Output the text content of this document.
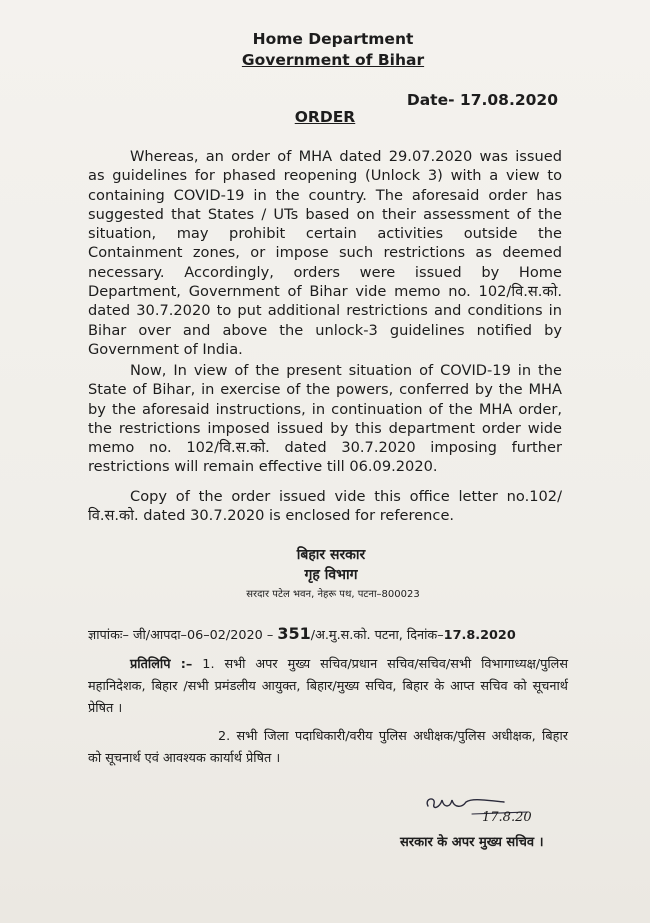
Home Department
Government of Bihar
Date- 17.08.2020
ORDER
Whereas, an order of MHA dated 29.07.2020 was issued as guidelines for phased reopening (Unlock 3) with a view to containing COVID-19 in the country. The aforesaid order has suggested that States / UTs based on their assessment of the situation, may prohibit certain activities outside the Containment zones, or impose such restrictions as deemed necessary. Accordingly, orders were issued by Home Department, Government of Bihar vide memo no. 102/वि.स.को. dated 30.7.2020 to put additional restrictions and conditions in Bihar over and above the unlock-3 guidelines notified by Government of India.
Now, In view of the present situation of COVID-19 in the State of Bihar, in exercise of the powers, conferred by the MHA by the aforesaid instructions, in continuation of the MHA order, the restrictions imposed issued by this department order wide memo no. 102/वि.स.को. dated 30.7.2020 imposing further restrictions will remain effective till 06.09.2020.
Copy of the order issued vide this office letter no.102/वि.स.को. dated 30.7.2020 is enclosed for reference.
बिहार सरकार
गृह विभाग
सरदार पटेल भवन, नेहरू पथ, पटना–800023
ज्ञापांकः– जी/आपदा–06–02/2020 – 351/अ.मु.स.को. पटना, दिनांक–17.8.2020
प्रतिलिपि :– 1. सभी अपर मुख्य सचिव/प्रधान सचिव/सचिव/सभी विभागाध्यक्ष/पुलिस महानिदेशक, बिहार /सभी प्रमंडलीय आयुक्त, बिहार/मुख्य सचिव, बिहार के आप्त सचिव को सूचनार्थ प्रेषित ।
2. सभी जिला पदाधिकारी/वरीय पुलिस अधीक्षक/पुलिस अधीक्षक, बिहार को सूचनार्थ एवं आवश्यक कार्यार्थ प्रेषित ।
17.8.20
सरकार के अपर मुख्य सचिव ।
